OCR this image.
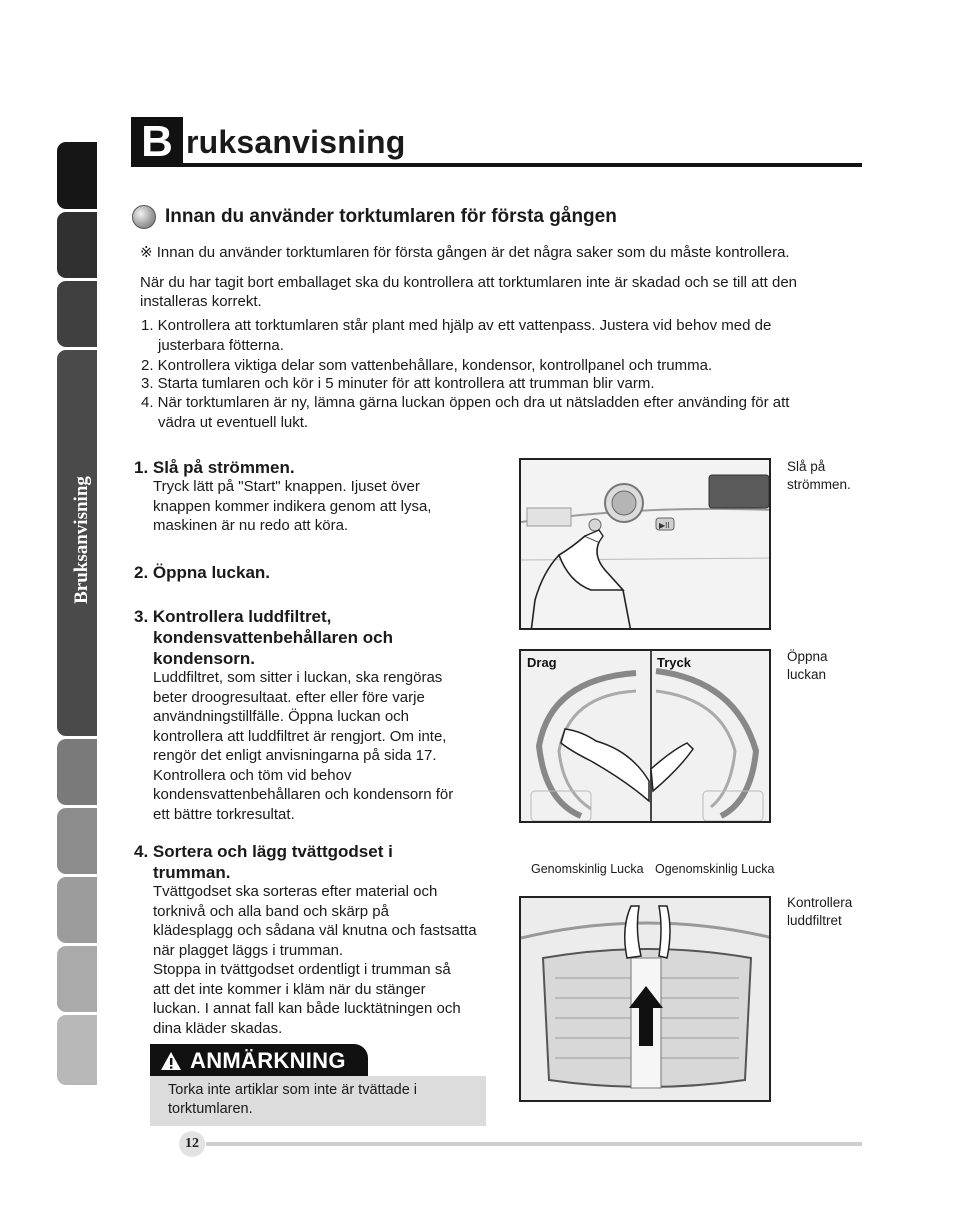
Bruksanvisning
B ruksanvisning
Innan du använder torktumlaren för första gången
※ Innan du använder torktumlaren för första gången är det några saker som du måste kontrollera.
När du har tagit bort emballaget ska du kontrollera att torktumlaren inte är skadad och se till att den
installeras korrekt.
1. Kontrollera att torktumlaren står plant med hjälp av ett vattenpass. Justera vid behov med de
justerbara fötterna.
2. Kontrollera viktiga delar som vattenbehållare, kondensor, kontrollpanel och trumma.
3. Starta tumlaren och kör i 5 minuter för att kontrollera att trumman blir varm.
4. När torktumlaren är ny, lämna gärna luckan öppen och dra ut nätsladden efter använding för att
vädra ut eventuell lukt.
1. Slå på strömmen.
Tryck lätt på "Start" knappen. Ijuset över
knappen kommer indikera genom att lysa,
maskinen är nu redo att köra.
2. Öppna luckan.
3. Kontrollera luddfiltret,
kondensvattenbehållaren och
kondensorn.
Luddfiltret, som sitter i luckan, ska rengöras
beter droogresultaat. efter eller före varje
användningstillfälle. Öppna luckan och
kontrollera att luddfiltret är rengjort. Om inte,
rengör det enligt anvisningarna på sida 17.
Kontrollera och töm vid behov
kondensvattenbehållaren och kondensorn för
ett bättre torkresultat.
4. Sortera och lägg tvättgodset i
trumman.
Tvättgodset ska sorteras efter material och
torknivå och alla band och skärp på
klädesplagg och sådana väl knutna och fastsatta
när plagget läggs i trumman.
Stoppa in tvättgodset ordentligt i trumman så
att det inte kommer i kläm när du stänger
luckan. I annat fall kan både lucktätningen och
dina kläder skadas.
▶II
Slå på
strömmen.
Drag	Tryck	Öppna
luckan
Genomskinlig Lucka Ogenomskinlig Lucka
Kontrollera
luddfiltret
ANMÄRKNING
Torka inte artiklar som inte är tvättade i
torktumlaren.
12
